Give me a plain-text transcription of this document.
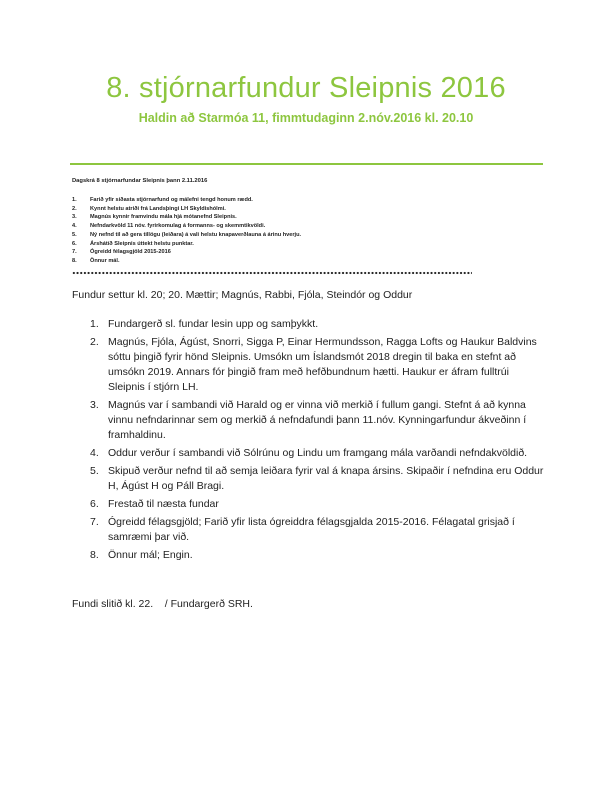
8. stjórnarfundur Sleipnis 2016
Haldin að Starmóa 11, fimmtudaginn 2.nóv.2016 kl. 20.10
Dagskrá 8 stjórnarfundar Sleipnis þann 2.11.2016
1. Farið yfir síðasta stjórnarfund og málefni tengd honum rædd.
2. Kynnt helstu atriði frá Landsþingi LH Skyldishólmi.
3. Magnús kynnir framvindu mála hjá mótanefnd Sleipnis.
4. Nefndarkvöld 11 nóv. fyrirkomulag á formanns- og skemmtikvöldi.
5. Ný nefnd til að gera tillögu (leiðara) á vali helstu knapaverðlauna á árinu hverju.
6. Árshátíð Sleipnis úttekt helstu punktar.
7. Ógreidd félagsgjöld 2015-2016
8. Önnur mál.
Fundur settur kl. 20; 20. Mættir; Magnús, Rabbi, Fjóla, Steindór og Oddur
1. Fundargerð sl. fundar lesin upp og samþykkt.
2. Magnús, Fjóla, Ágúst, Snorri, Sigga P, Einar Hermundsson, Ragga Lofts og Haukur Baldvins sóttu þingið fyrir hönd Sleipnis. Umsókn um Íslandsmót 2018 dregin til baka en stefnt að umsókn 2019. Annars fór þingið fram með hefðbundnum hætti. Haukur er áfram fulltrúi Sleipnis í stjórn LH.
3. Magnús var í sambandi við Harald og er vinna við merkið í fullum gangi. Stefnt á að kynna vinnu nefndarinnar sem og merkið á nefndafundi þann 11.nóv. Kynningarfundur ákveðinn í framhaldinu.
4. Oddur verður í sambandi við Sólrúnu og Lindu um framgang mála varðandi nefndakvöldið.
5. Skipuð verður nefnd til að semja leiðara fyrir val á knapa ársins. Skipaðir í nefndina eru Oddur H, Ágúst H og Páll Bragi.
6. Frestað til næsta fundar
7. Ógreidd félagsgjöld; Farið yfir lista ógreiddra félagsgjalda 2015-2016. Félagatal grisjað í samræmi þar við.
8. Önnur mál; Engin.
Fundi slitið kl. 22.    / Fundargerð SRH.
